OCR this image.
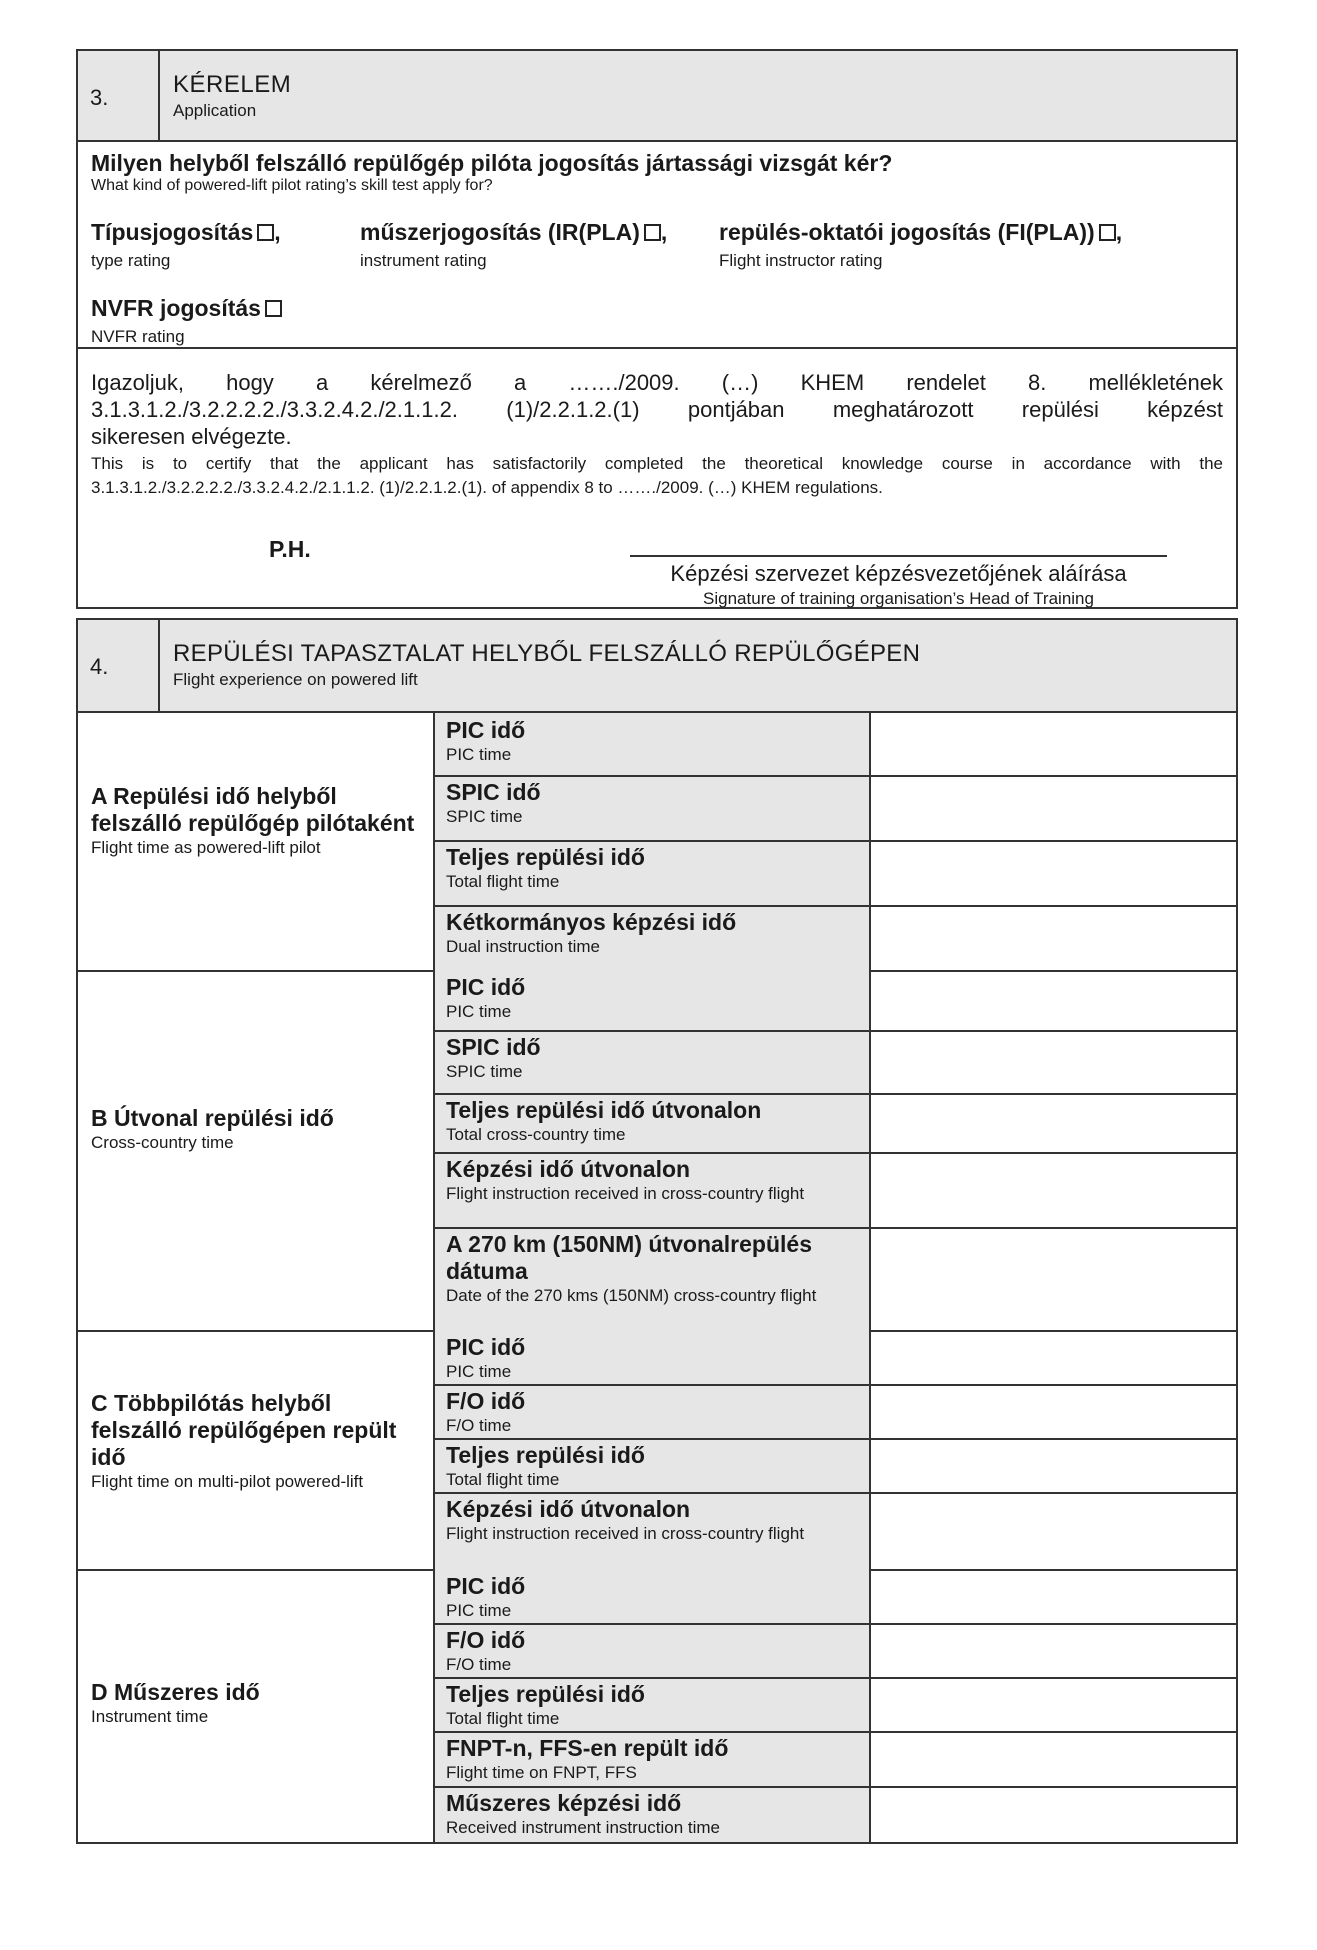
3.	KÉRELEM
Application
Milyen helyből felszálló repülőgép pilóta jogosítás jártassági vizsgát kér?
What kind of powered-lift pilot rating’s skill test apply for?
Típusjogosítás ,
type rating
műszerjogosítás (IR(PLA) ,
instrument rating
repülés-oktatói jogosítás (FI(PLA)) ,
Flight instructor rating
NVFR jogosítás
NVFR rating
Igazoljuk, hogy a kérelmező a ……./2009. (…) KHEM rendelet 8. mellékletének
3.1.3.1.2./3.2.2.2.2./3.3.2.4.2./2.1.1.2. (1)/2.2.1.2.(1) pontjában meghatározott repülési képzést
sikeresen elvégezte.
This is to certify that the applicant has satisfactorily completed the theoretical knowledge course in accordance with the
3.1.3.1.2./3.2.2.2.2./3.3.2.4.2./2.1.1.2. (1)/2.2.1.2.(1). of appendix 8 to ……./2009. (…) KHEM regulations.
P.H.
Képzési szervezet képzésvezetőjének aláírása
Signature of training organisation’s Head of Training
4.	REPÜLÉSI TAPASZTALAT HELYBŐL FELSZÁLLÓ REPÜLŐGÉPEN
Flight experience on powered lift
A Repülési idő helyből felszálló repülőgép pilótaként
Flight time as powered-lift pilot
PIC idő
PIC time
SPIC idő
SPIC time
Teljes repülési idő
Total flight time
Kétkormányos képzési idő
Dual instruction time
B Útvonal repülési idő
Cross-country time
PIC idő
PIC time
SPIC idő
SPIC time
Teljes repülési idő útvonalon
Total cross-country time
Képzési idő útvonalon
Flight instruction received in cross-country flight
A 270 km (150NM) útvonalrepülés dátuma
Date of the 270 kms (150NM) cross-country flight
C Többpilótás helyből felszálló repülőgépen repült idő
Flight time on multi-pilot powered-lift
PIC idő
PIC time
F/O idő
F/O time
Teljes repülési idő
Total flight time
Képzési idő útvonalon
Flight instruction received in cross-country flight
D Műszeres idő
Instrument time
PIC idő
PIC time
F/O idő
F/O time
Teljes repülési idő
Total flight time
FNPT-n, FFS-en repült idő
Flight time on FNPT, FFS
Műszeres képzési idő
Received instrument instruction time
